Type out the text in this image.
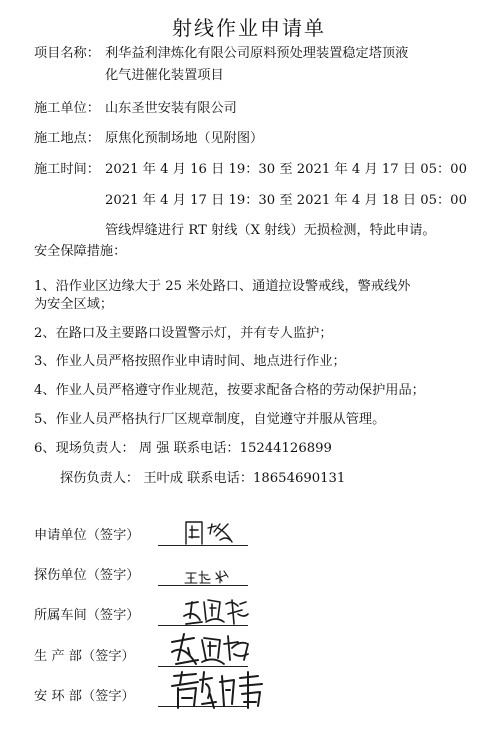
射线作业申请单
项目名称： 利华益利津炼化有限公司原料预处理装置稳定塔顶液
化气进催化装置项目
施工单位： 山东圣世安装有限公司
施工地点： 原焦化预制场地（见附图）
施工时间： 2021 年 4 月 16 日 19：30 至 2021 年 4 月 17 日 05：00
2021 年 4 月 17 日 19：30 至 2021 年 4 月 18 日 05：00
管线焊缝进行 RT 射线（X 射线）无损检测，特此申请。
安全保障措施：
1、沿作业区边缘大于 25 米处路口、通道拉设警戒线，警戒线外
为安全区域；
2、在路口及主要路口设置警示灯，并有专人监护；
3、作业人员严格按照作业申请时间、地点进行作业；
4、作业人员严格遵守作业规范，按要求配备合格的劳动保护用品；
5、作业人员严格执行厂区规章制度，自觉遵守并服从管理。
6、现场负责人： 周 强 联系电话：15244126899
探伤负责人： 王叶成 联系电话：18654690131
申请单位（签字）
探伤单位（签字）
所属车间（签字）
生 产 部（签字）
安 环 部（签字）
